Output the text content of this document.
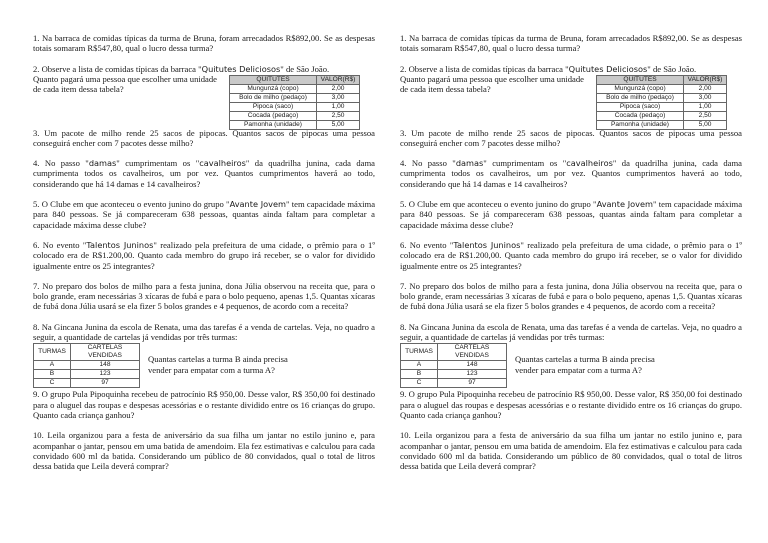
1. Na barraca de comidas típicas da turma de Bruna, foram arrecadados R$892,00. Se as despesas totais somaram R$547,80, qual o lucro dessa turma?

2. Observe a lista de comidas típicas da barraca "Quitutes Deliciosos" de São João.
Quanto pagará uma pessoa que escolher uma unidade de cada item dessa tabela?
QUITUTES	VALOR(R$)
Mungunzá (copo)	2,00
Bolo de milho (pedaço)	3,00
Pipoca (saco)	1,00
Cocada (pedaço)	2,50
Pamonha (unidade)	5,00

3. Um pacote de milho rende 25 sacos de pipocas. Quantos sacos de pipocas uma pessoa conseguirá encher com 7 pacotes desse milho?

4. No passo "damas" cumprimentam os "cavalheiros" da quadrilha junina, cada dama cumprimenta todos os cavalheiros, um por vez. Quantos cumprimentos haverá ao todo, considerando que há 14 damas e 14 cavalheiros?

5. O Clube em que aconteceu o evento junino do grupo "Avante Jovem" tem capacidade máxima para 840 pessoas. Se já compareceram 638 pessoas, quantas ainda faltam para completar a capacidade máxima desse clube?

6. No evento "Talentos Juninos" realizado pela prefeitura de uma cidade, o prêmio para o 1º colocado era de R$1.200,00. Quanto cada membro do grupo irá receber, se o valor for dividido igualmente entre os 25 integrantes?

7. No preparo dos bolos de milho para a festa junina, dona Júlia observou na receita que, para o bolo grande, eram necessárias 3 xícaras de fubá e para o bolo pequeno, apenas 1,5. Quantas xícaras de fubá dona Júlia usará se ela fizer 5 bolos grandes e 4 pequenos, de acordo com a receita?

8. Na Gincana Junina da escola de Renata, uma das tarefas é a venda de cartelas. Veja, no quadro a seguir, a quantidade de cartelas já vendidas por três turmas:

TURMAS	CARTELAS VENDIDAS
A	148
B	123
C	97
Quantas cartelas a turma B ainda precisa vender para empatar com a turma A?

9. O grupo Pula Pipoquinha recebeu de patrocínio R$ 950,00. Desse valor, R$ 350,00 foi destinado para o aluguel das roupas e despesas acessórias e o restante dividido entre os 16 crianças do grupo. Quanto cada criança ganhou?

10. Leila organizou para a festa de aniversário da sua filha um jantar no estilo junino e, para acompanhar o jantar, pensou em uma batida de amendoim. Ela fez estimativas e calculou para cada convidado 600 ml da batida. Considerando um público de 80 convidados, qual o total de litros dessa batida que Leila deverá comprar?

1. Na barraca de comidas típicas da turma de Bruna, foram arrecadados R$892,00. Se as despesas totais somaram R$547,80, qual o lucro dessa turma?

2. Observe a lista de comidas típicas da barraca "Quitutes Deliciosos" de São João.
Quanto pagará uma pessoa que escolher uma unidade de cada item dessa tabela?
QUITUTES	VALOR(R$)
Mungunzá (copo)	2,00
Bolo de milho (pedaço)	3,00
Pipoca (saco)	1,00
Cocada (pedaço)	2,50
Pamonha (unidade)	5,00

3. Um pacote de milho rende 25 sacos de pipocas. Quantos sacos de pipocas uma pessoa conseguirá encher com 7 pacotes desse milho?

4. No passo "damas" cumprimentam os "cavalheiros" da quadrilha junina, cada dama cumprimenta todos os cavalheiros, um por vez. Quantos cumprimentos haverá ao todo, considerando que há 14 damas e 14 cavalheiros?

5. O Clube em que aconteceu o evento junino do grupo "Avante Jovem" tem capacidade máxima para 840 pessoas. Se já compareceram 638 pessoas, quantas ainda faltam para completar a capacidade máxima desse clube?

6. No evento "Talentos Juninos" realizado pela prefeitura de uma cidade, o prêmio para o 1º colocado era de R$1.200,00. Quanto cada membro do grupo irá receber, se o valor for dividido igualmente entre os 25 integrantes?

7. No preparo dos bolos de milho para a festa junina, dona Júlia observou na receita que, para o bolo grande, eram necessárias 3 xícaras de fubá e para o bolo pequeno, apenas 1,5. Quantas xícaras de fubá dona Júlia usará se ela fizer 5 bolos grandes e 4 pequenos, de acordo com a receita?

8. Na Gincana Junina da escola de Renata, uma das tarefas é a venda de cartelas. Veja, no quadro a seguir, a quantidade de cartelas já vendidas por três turmas:

TURMAS	CARTELAS VENDIDAS
A	148
B	123
C	97
Quantas cartelas a turma B ainda precisa vender para empatar com a turma A?

9. O grupo Pula Pipoquinha recebeu de patrocínio R$ 950,00. Desse valor, R$ 350,00 foi destinado para o aluguel das roupas e despesas acessórias e o restante dividido entre os 16 crianças do grupo. Quanto cada criança ganhou?

10. Leila organizou para a festa de aniversário da sua filha um jantar no estilo junino e, para acompanhar o jantar, pensou em uma batida de amendoim. Ela fez estimativas e calculou para cada convidado 600 ml da batida. Considerando um público de 80 convidados, qual o total de litros dessa batida que Leila deverá comprar?
